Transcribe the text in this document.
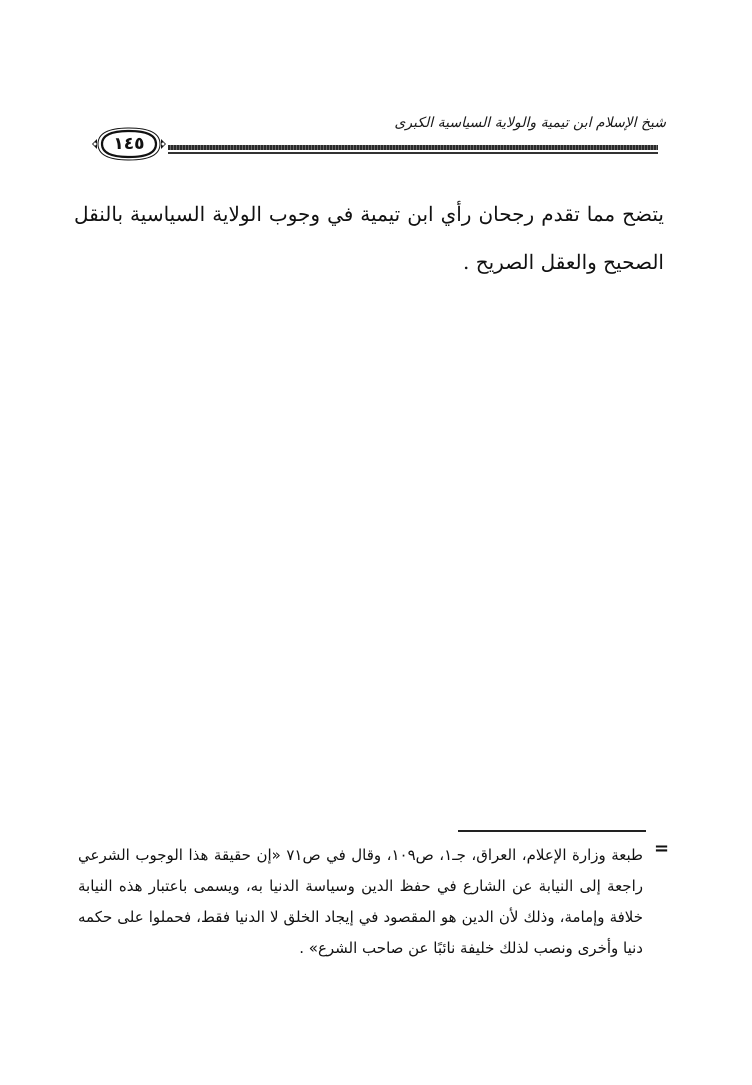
شيخ الإسلام ابن تيمية والولاية السياسية الكبرى
١٤٥
يتضح مما تقدم رجحان رأي ابن تيمية في وجوب الولاية السياسية بالنقل الصحيح والعقل الصريح .
=
طبعة وزارة الإعلام، العراق، جـ١، ص١٠٩، وقال في ص٧١ «إن حقيقة هذا الوجوب الشرعي راجعة إلى النيابة عن الشارع في حفظ الدين وسياسة الدنيا به، ويسمى باعتبار هذه النيابة خلافة وإمامة، وذلك لأن الدين هو المقصود في إيجاد الخلق لا الدنيا فقط، فحملوا على حكمه دنيا وأخرى ونصب لذلك خليفة نائبًا عن صاحب الشرع» .
